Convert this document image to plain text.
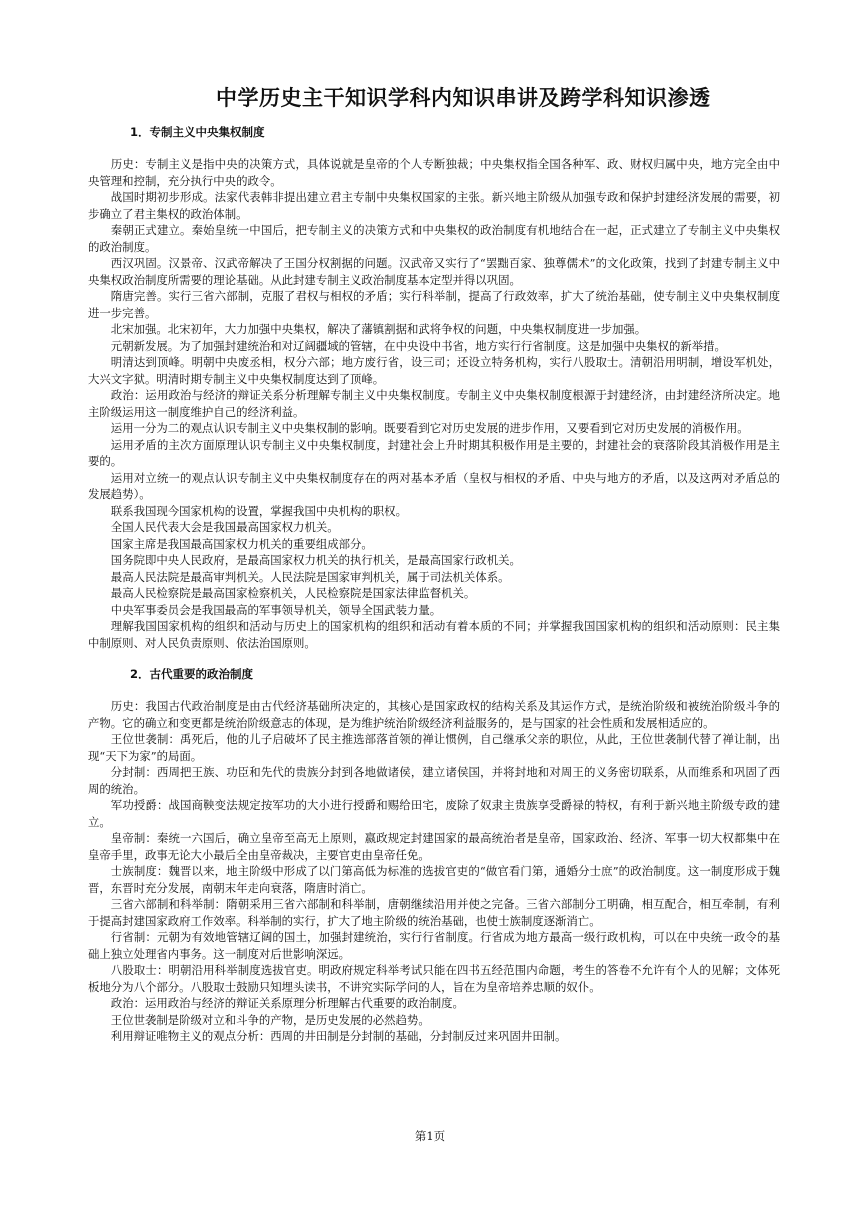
中学历史主干知识学科内知识串讲及跨学科知识渗透
1．专制主义中央集权制度

历史：专制主义是指中央的决策方式，具体说就是皇帝的个人专断独裁；中央集权指全国各种军、政、财权归属中央，地方完全由中央管理和控制，充分执行中央的政令。

战国时期初步形成。法家代表韩非提出建立君主专制中央集权国家的主张。新兴地主阶级从加强专政和保护封建经济发展的需要，初步确立了君主集权的政治体制。

秦朝正式建立。秦始皇统一中国后，把专制主义的决策方式和中央集权的政治制度有机地结合在一起，正式建立了专制主义中央集权的政治制度。

西汉巩固。汉景帝、汉武帝解决了王国分权割据的问题。汉武帝又实行了“罢黜百家、独尊儒术”的文化政策，找到了封建专制主义中央集权政治制度所需要的理论基础。从此封建专制主义政治制度基本定型并得以巩固。

隋唐完善。实行三省六部制，克服了君权与相权的矛盾；实行科举制，提高了行政效率，扩大了统治基础，使专制主义中央集权制度进一步完善。

北宋加强。北宋初年，大力加强中央集权，解决了藩镇割据和武将争权的问题，中央集权制度进一步加强。

元朝新发展。为了加强封建统治和对辽阔疆域的管辖，在中央设中书省，地方实行行省制度。这是加强中央集权的新举措。

明清达到顶峰。明朝中央废丞相，权分六部；地方废行省，设三司；还设立特务机构，实行八股取士。清朝沿用明制，增设军机处，大兴文字狱。明清时期专制主义中央集权制度达到了顶峰。

政治：运用政治与经济的辩证关系分析理解专制主义中央集权制度。专制主义中央集权制度根源于封建经济，由封建经济所决定。地主阶级运用这一制度维护自己的经济利益。

运用一分为二的观点认识专制主义中央集权制的影响。既要看到它对历史发展的进步作用，又要看到它对历史发展的消极作用。

运用矛盾的主次方面原理认识专制主义中央集权制度，封建社会上升时期其积极作用是主要的，封建社会的衰落阶段其消极作用是主要的。

运用对立统一的观点认识专制主义中央集权制度存在的两对基本矛盾（皇权与相权的矛盾、中央与地方的矛盾，以及这两对矛盾总的发展趋势）。

联系我国现今国家机构的设置，掌握我国中央机构的职权。

全国人民代表大会是我国最高国家权力机关。

国家主席是我国最高国家权力机关的重要组成部分。

国务院即中央人民政府，是最高国家权力机关的执行机关，是最高国家行政机关。

最高人民法院是最高审判机关。人民法院是国家审判机关，属于司法机关体系。

最高人民检察院是最高国家检察机关，人民检察院是国家法律监督机关。

中央军事委员会是我国最高的军事领导机关，领导全国武装力量。

理解我国国家机构的组织和活动与历史上的国家机构的组织和活动有着本质的不同；并掌握我国国家机构的组织和活动原则：民主集中制原则、对人民负责原则、依法治国原则。

2．古代重要的政治制度

历史：我国古代政治制度是由古代经济基础所决定的，其核心是国家政权的结构关系及其运作方式，是统治阶级和被统治阶级斗争的产物。它的确立和变更都是统治阶级意志的体现，是为维护统治阶级经济利益服务的，是与国家的社会性质和发展相适应的。

王位世袭制：禹死后，他的儿子启破坏了民主推选部落首领的禅让惯例，自己继承父亲的职位，从此，王位世袭制代替了禅让制，出现“天下为家”的局面。

分封制：西周把王族、功臣和先代的贵族分封到各地做诸侯，建立诸侯国，并将封地和对周王的义务密切联系，从而维系和巩固了西周的统治。

军功授爵：战国商鞅变法规定按军功的大小进行授爵和赐给田宅，废除了奴隶主贵族享受爵禄的特权，有利于新兴地主阶级专政的建立。

皇帝制：秦统一六国后，确立皇帝至高无上原则，嬴政规定封建国家的最高统治者是皇帝，国家政治、经济、军事一切大权都集中在皇帝手里，政事无论大小最后全由皇帝裁决，主要官吏由皇帝任免。

士族制度：魏晋以来，地主阶级中形成了以门第高低为标准的选拔官吏的“做官看门第，通婚分士庶”的政治制度。这一制度形成于魏晋，东晋时充分发展，南朝末年走向衰落，隋唐时消亡。

三省六部制和科举制：隋朝采用三省六部制和科举制，唐朝继续沿用并使之完备。三省六部制分工明确，相互配合，相互牵制，有利于提高封建国家政府工作效率。科举制的实行，扩大了地主阶级的统治基础，也使士族制度逐渐消亡。

行省制：元朝为有效地管辖辽阔的国土，加强封建统治，实行行省制度。行省成为地方最高一级行政机构，可以在中央统一政令的基础上独立处理省内事务。这一制度对后世影响深远。

八股取士：明朝沿用科举制度选拔官吏。明政府规定科举考试只能在四书五经范围内命题，考生的答卷不允许有个人的见解；文体死板地分为八个部分。八股取士鼓励只知埋头读书，不讲究实际学问的人，旨在为皇帝培养忠顺的奴仆。

政治：运用政治与经济的辩证关系原理分析理解古代重要的政治制度。

王位世袭制是阶级对立和斗争的产物，是历史发展的必然趋势。

利用辩证唯物主义的观点分析：西周的井田制是分封制的基础，分封制反过来巩固井田制。

第1页
